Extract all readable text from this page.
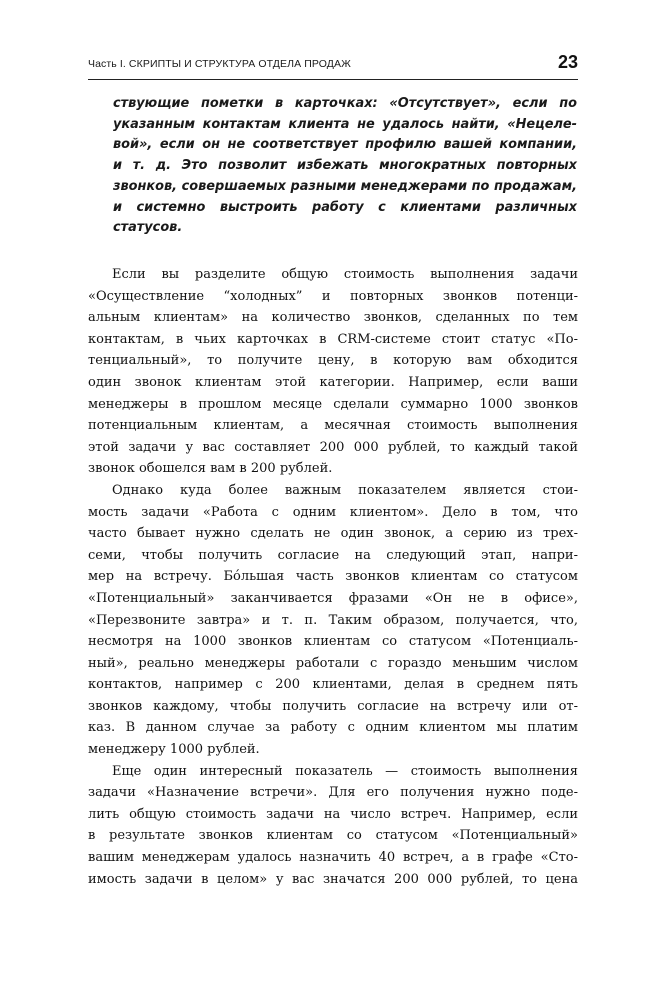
Часть I. СКРИПТЫ И СТРУКТУРА ОТДЕЛА ПРОДАЖ	23
ствующие пометки в карточках: «Отсутствует», если по
указанным контактам клиента не удалось найти, «Нецеле-
вой», если он не соответствует профилю вашей компании,
и т. д. Это позволит избежать многократных повторных
звонков, совершаемых разными менеджерами по продажам,
и системно выстроить работу с клиентами различных
статусов.
Если вы разделите общую стоимость выполнения задачи
«Осуществление “холодных” и повторных звонков потенци-
альным клиентам» на количество звонков, сделанных по тем
контактам, в чьих карточках в CRM-системе стоит статус «По-
тенциальный», то получите цену, в которую вам обходится
один звонок клиентам этой категории. Например, если ваши
менеджеры в прошлом месяце сделали суммарно 1000 звонков
потенциальным клиентам, а месячная стоимость выполнения
этой задачи у вас составляет 200 000 рублей, то каждый такой
звонок обошелся вам в 200 рублей.
Однако куда более важным показателем является стои-
мость задачи «Работа с одним клиентом». Дело в том, что
часто бывает нужно сделать не один звонок, а серию из трех-
семи, чтобы получить согласие на следующий этап, напри-
мер на встречу. Бóльшая часть звонков клиентам со статусом
«Потенциальный» заканчивается фразами «Он не в офисе»,
«Перезвоните завтра» и т. п. Таким образом, получается, что,
несмотря на 1000 звонков клиентам со статусом «Потенциаль-
ный», реально менеджеры работали с гораздо меньшим числом
контактов, например с 200 клиентами, делая в среднем пять
звонков каждому, чтобы получить согласие на встречу или от-
каз. В данном случае за работу с одним клиентом мы платим
менеджеру 1000 рублей.
Еще один интересный показатель — стоимость выполнения
задачи «Назначение встречи». Для его получения нужно поде-
лить общую стоимость задачи на число встреч. Например, если
в результате звонков клиентам со статусом «Потенциальный»
вашим менеджерам удалось назначить 40 встреч, а в графе «Сто-
имость задачи в целом» у вас значатся 200 000 рублей, то цена
